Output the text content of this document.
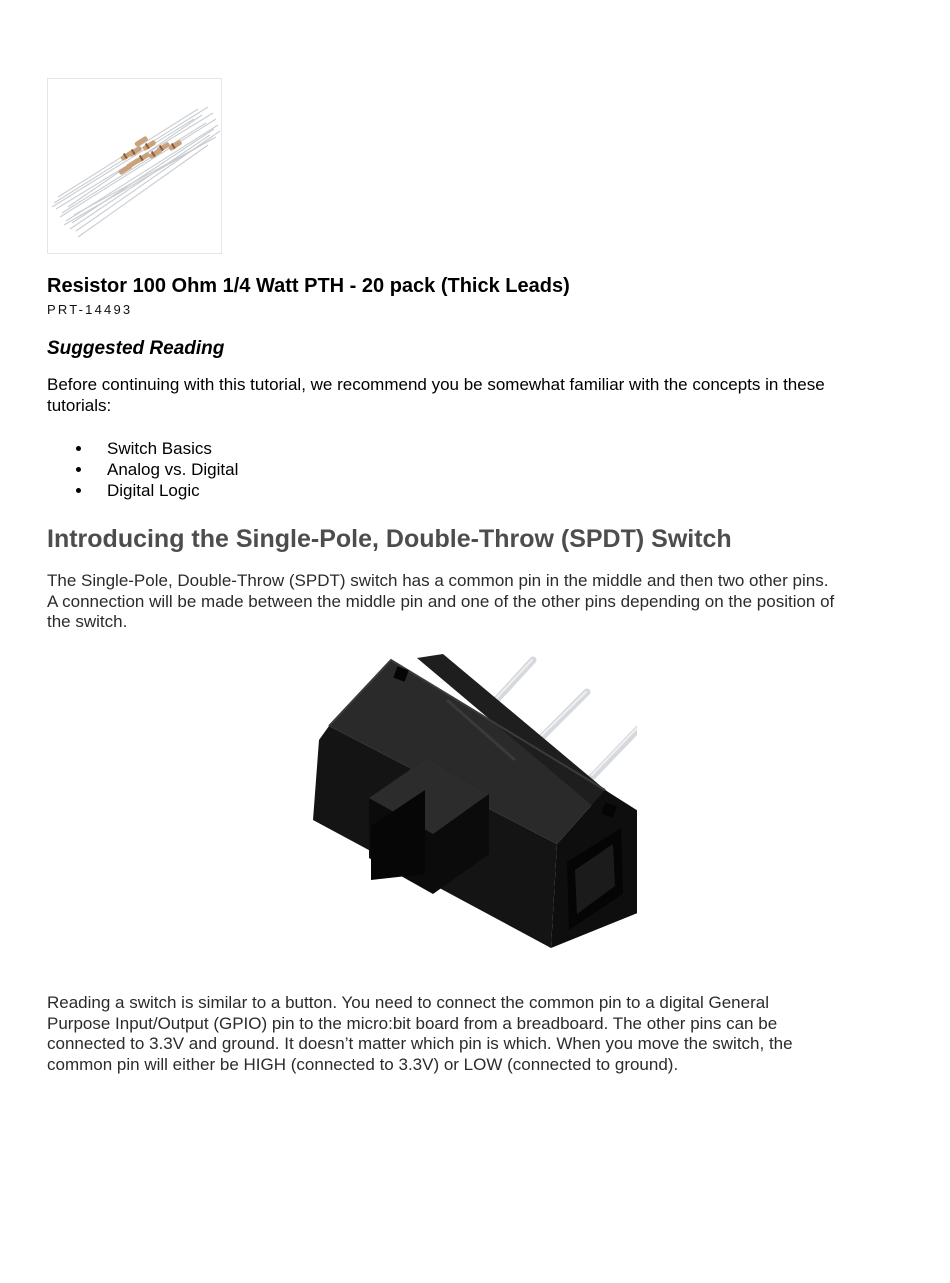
Resistor 100 Ohm 1/4 Watt PTH - 20 pack (Thick Leads)
PRT-14493
Suggested Reading

Before continuing with this tutorial, we recommend you be somewhat familiar with the concepts in these tutorials:

Switch Basics
Analog vs. Digital
Digital Logic
Introducing the Single-Pole, Double-Throw (SPDT) Switch

The Single-Pole, Double-Throw (SPDT) switch has a common pin in the middle and then two other pins. A connection will be made between the middle pin and one of the other pins depending on the position of the switch.

Reading a switch is similar to a button. You need to connect the common pin to a digital General Purpose Input/Output (GPIO) pin to the micro:bit board from a breadboard. The other pins can be connected to 3.3V and ground. It doesn’t matter which pin is which. When you move the switch, the common pin will either be HIGH (connected to 3.3V) or LOW (connected to ground).
